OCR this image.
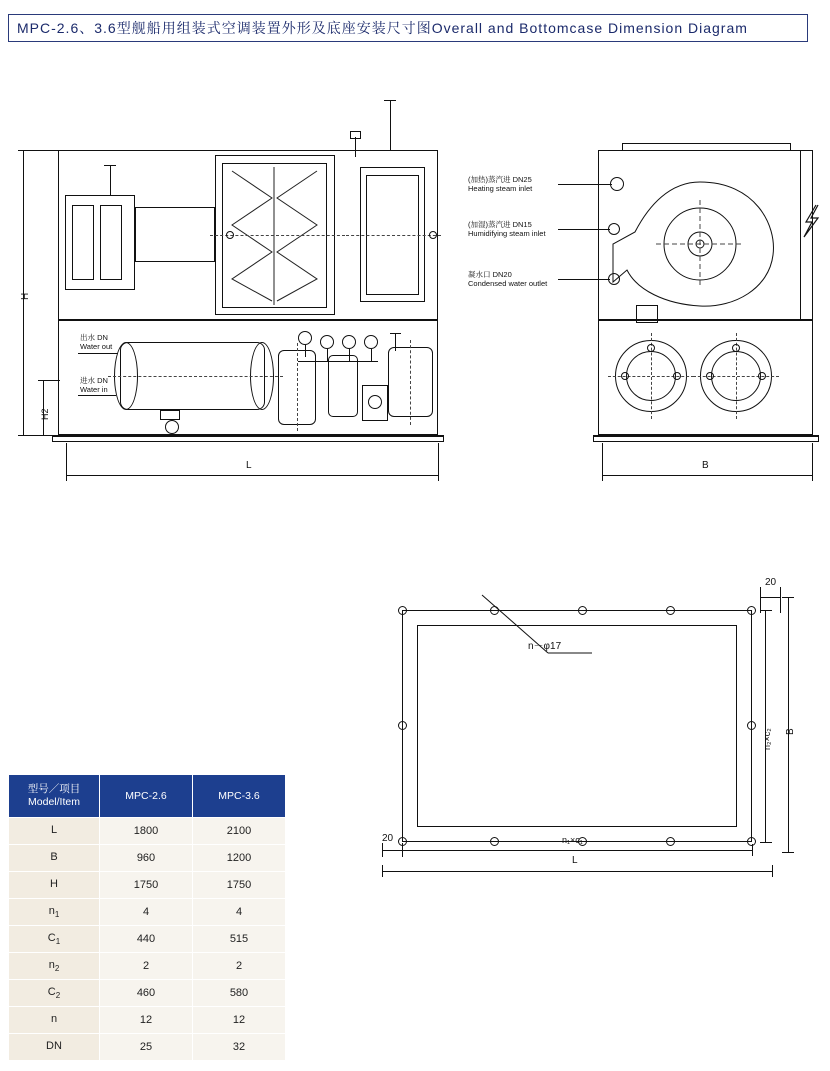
MPC-2.6、3.6型舰船用组装式空调装置外形及底座安装尺寸图Overall and Bottomcase Dimension Diagram
出水 DN
Water out
进水 DN
Water in
H
H2
L
(加热)蒸汽进 DN25
Heating steam inlet
(加湿)蒸汽进 DN15
Humidifying steam inlet
凝水口 DN20
Condensed water outlet
B
n－φ17
20
n₂×c₂ B
20	n₁×c₁
L
型号／项目
Model/Item	MPC-2.6	MPC-3.6
L	1800	2100
B	960	1200
H	1750	1750
$n_1$	4	4
$C_1$	440	515
$n_2$	2	2
$C_2$	460	580
n	12	12
DN	25	32
